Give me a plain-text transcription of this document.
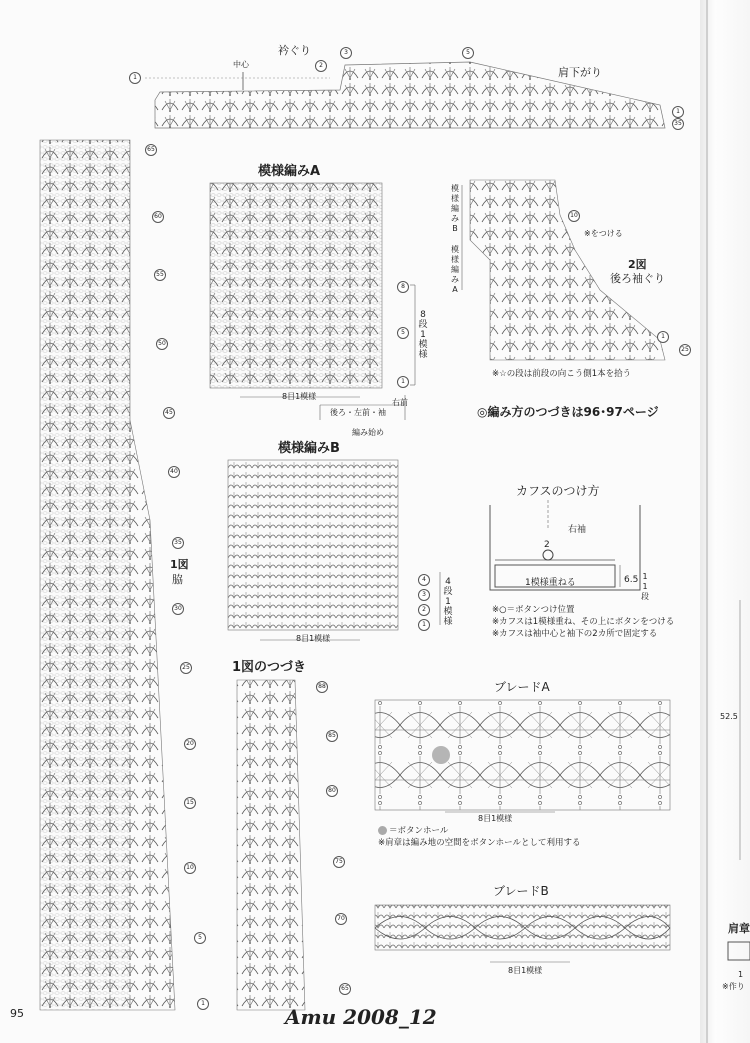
衿ぐり
肩下がり
中心
1
2
3	5
1
35
1図
脇
65
60
55
50
45
40
35
30
25
20
15
10
5
1
模様編みA
8
5
1
8段1模様
8目1模様
右前
後ろ・左前・袖
編み始め
模様編みB
4
3
2
1
4段1模様
8目1模様
1図のつづき
88
85
80
75
70
65
2図
後ろ袖ぐり
模様編みB
模様編みA
10
1
25
※をつける
※☆の段は前段の向こう側1本を拾う
◎編み方のつづきは96･97ページ
カフスのつけ方
右袖
2
1模様重ねる	6.5 11段
※○＝ボタンつけ位置
※カフスは1模様重ね、その上にボタンをつける
※カフスは袖中心と袖下の2カ所で固定する
ブレードA
8目1模様
＝ボタンホール
※肩章は編み地の空間をボタンホールとして利用する
ブレードB
8目1模様
52.5
肩章
1
※作り
95	Amu 2008_12
